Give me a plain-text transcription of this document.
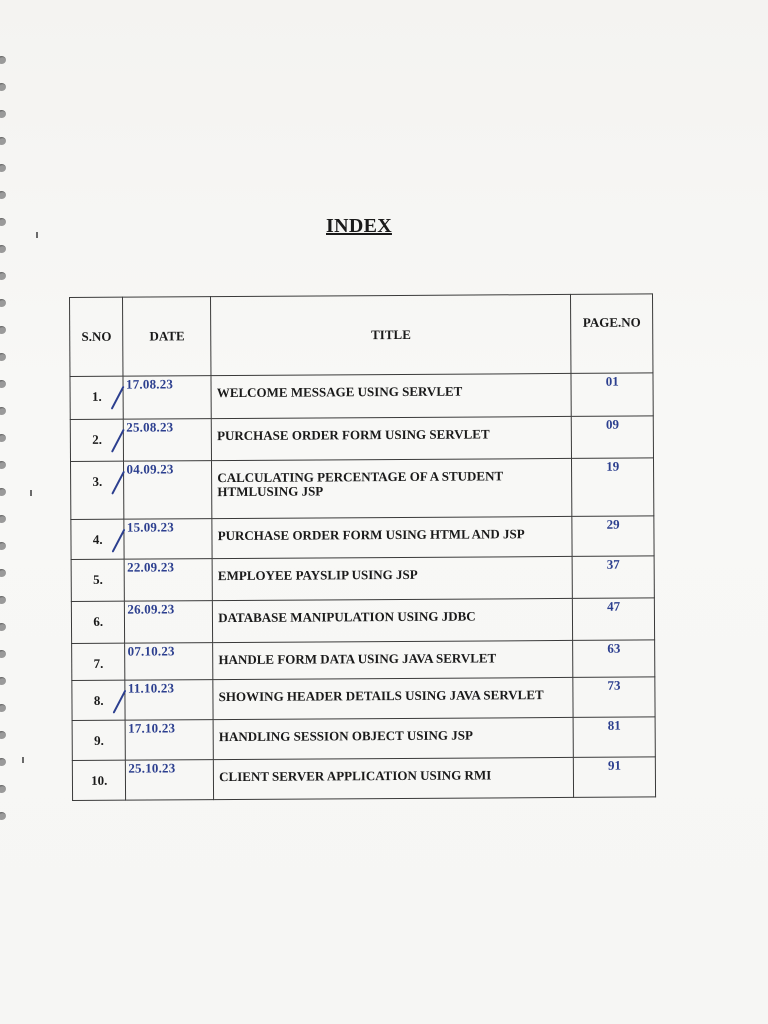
INDEX
S.NO	DATE	TITLE	PAGE.NO
1.	17.08.23	WELCOME MESSAGE USING SERVLET	01
2.	25.08.23	PURCHASE ORDER FORM USING SERVLET	09
3.	04.09.23	CALCULATING PERCENTAGE OF A STUDENT HTMLUSING JSP	19
4.	15.09.23	PURCHASE ORDER FORM USING HTML AND JSP	29
5.	22.09.23	EMPLOYEE PAYSLIP USING JSP	37
6.	26.09.23	DATABASE MANIPULATION USING JDBC	47
7.	07.10.23	HANDLE FORM DATA USING JAVA SERVLET	63
8.	11.10.23	SHOWING HEADER DETAILS USING JAVA SERVLET	73
9.	17.10.23	HANDLING SESSION OBJECT USING JSP	81
10.	25.10.23	CLIENT SERVER APPLICATION USING RMI	91
